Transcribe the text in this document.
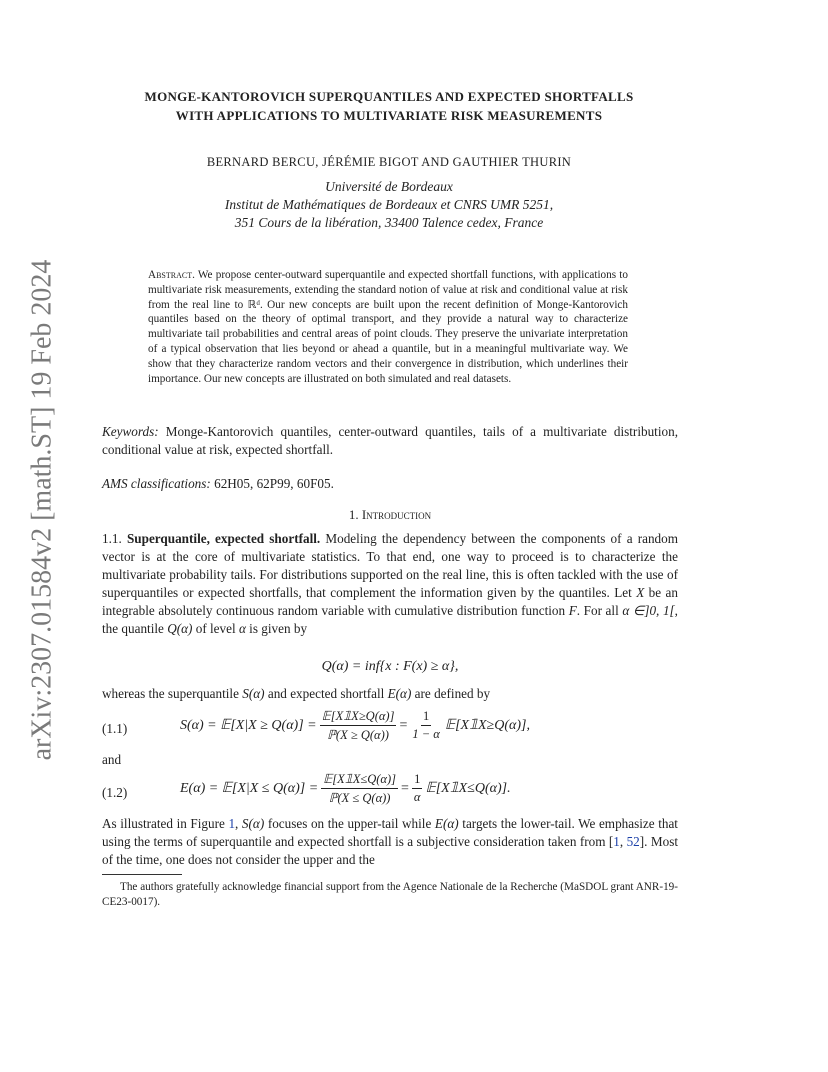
arXiv:2307.01584v2 [math.ST] 19 Feb 2024
MONGE-KANTOROVICH SUPERQUANTILES AND EXPECTED SHORTFALLS
WITH APPLICATIONS TO MULTIVARIATE RISK MEASUREMENTS
BERNARD BERCU, JÉRÉMIE BIGOT AND GAUTHIER THURIN
Université de Bordeaux
Institut de Mathématiques de Bordeaux et CNRS UMR 5251,
351 Cours de la libération, 33400 Talence cedex, France
Abstract. We propose center-outward superquantile and expected shortfall functions, with applications to multivariate risk measurements, extending the standard notion of value at risk and conditional value at risk from the real line to ℝᵈ. Our new concepts are built upon the recent definition of Monge-Kantorovich quantiles based on the theory of optimal transport, and they provide a natural way to characterize multivariate tail probabilities and central areas of point clouds. They preserve the univariate interpretation of a typical observation that lies beyond or ahead a quantile, but in a meaningful multivariate way. We show that they characterize random vectors and their convergence in distribution, which underlines their importance. Our new concepts are illustrated on both simulated and real datasets.
Keywords: Monge-Kantorovich quantiles, center-outward quantiles, tails of a multivariate distribution, conditional value at risk, expected shortfall.
AMS classifications: 62H05, 62P99, 60F05.
1. Introduction
1.1. Superquantile, expected shortfall. Modeling the dependency between the components of a random vector is at the core of multivariate statistics. To that end, one way to proceed is to characterize the multivariate probability tails. For distributions supported on the real line, this is often tackled with the use of superquantiles or expected shortfalls, that complement the information given by the quantiles. Let X be an integrable absolutely continuous random variable with cumulative distribution function F. For all α ∈]0, 1[, the quantile Q(α) of level α is given by
Q(α) = inf{x : F(x) ≥ α},
whereas the superquantile S(α) and expected shortfall E(α) are defined by
(1.1)	S(α) = 𝔼[X|X ≥ $Q(\alpha)] = \frac{\text{𝔼[X𝟙X≥Q(α)]}}{\text{ℙ(X ≥ Q(α))}} = \frac{1}{1 - \alpha}$ 𝔼[X𝟙X≥Q(α)],
and
(1.2)	E(α) = 𝔼[X|X ≤ $Q(\alpha)] = \frac{\text{𝔼[X𝟙X≤Q(α)]}}{\text{ℙ(X ≤ Q(α))}} = \frac{1}{\alpha}$ 𝔼[X𝟙X≤Q(α)].
As illustrated in Figure 1, S(α) focuses on the upper-tail while E(α) targets the lower-tail. We emphasize that using the terms of superquantile and expected shortfall is a subjective consideration taken from [1, 52]. Most of the time, one does not consider the upper and the
The authors gratefully acknowledge financial support from the Agence Nationale de la Recherche (MaSDOL grant ANR-19-CE23-0017).
